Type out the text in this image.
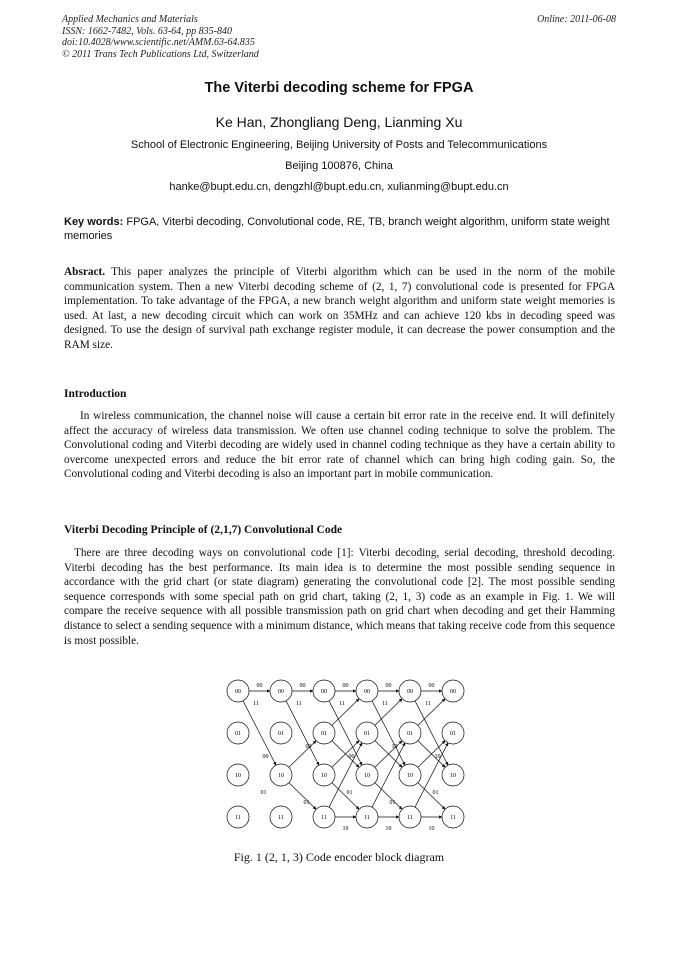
Applied Mechanics and Materials
ISSN: 1662-7482, Vols. 63-64, pp 835-840
doi:10.4028/www.scientific.net/AMM.63-64.835
© 2011 Trans Tech Publications Ltd, Switzerland
Online: 2011-06-08
The Viterbi decoding scheme for FPGA
Ke Han, Zhongliang Deng, Lianming Xu
School of Electronic Engineering, Beijing University of Posts and Telecommunications
Beijing 100876, China
hanke@bupt.edu.cn, dengzhl@bupt.edu.cn, xulianming@bupt.edu.cn
Key words: FPGA, Viterbi decoding, Convolutional code, RE, TB, branch weight algorithm, uniform state weight memories
Absract. This paper analyzes the principle of Viterbi algorithm which can be used in the norm of the mobile communication system. Then a new Viterbi decoding scheme of (2, 1, 7) convolutional code is presented for FPGA implementation. To take advantage of the FPGA, a new branch weight algorithm and uniform state weight memories is used. At last, a new decoding circuit which can work on 35MHz and can achieve 120 kbs in decoding speed was designed. To use the design of survival path exchange register module, it can decrease the power consumption and the RAM size.
Introduction
In wireless communication, the channel noise will cause a certain bit error rate in the receive end. It will definitely affect the accuracy of wireless data transmission. We often use channel coding technique to solve the problem. The Convolutional coding and Viterbi decoding are widely used in channel coding technique as they have a certain ability to overcome unexpected errors and reduce the bit error rate of channel which can bring high coding gain. So, the Convolutional coding and Viterbi decoding is also an important part in mobile communication.
Viterbi Decoding Principle of (2,1,7) Convolutional Code
There are three decoding ways on convolutional code [1]: Viterbi decoding, serial decoding, threshold decoding. Viterbi decoding has the best performance. Its main idea is to determine the most possible sending sequence in accordance with the grid chart (or state diagram) generating the convolutional code [2]. The most possible sending sequence corresponds with some special path on grid chart, taking (2, 1, 3) code as an example in Fig. 1. We will compare the receive sequence with all possible transmission path on grid chart when decoding and get their Hamming distance to select a sending sequence with a minimum distance, which means that taking receive code from this sequence is most possible.
00
01
10
11
00
01
10
11
00
01
10
11
00
01
10
11
00
01
10
11
00
01
10
11
00	00	00	00	00
11	11	11	11	11
00
00
00
10
10
01
01
01
01
01
10	10	10
Fig. 1 (2, 1, 3) Code encoder block diagram
